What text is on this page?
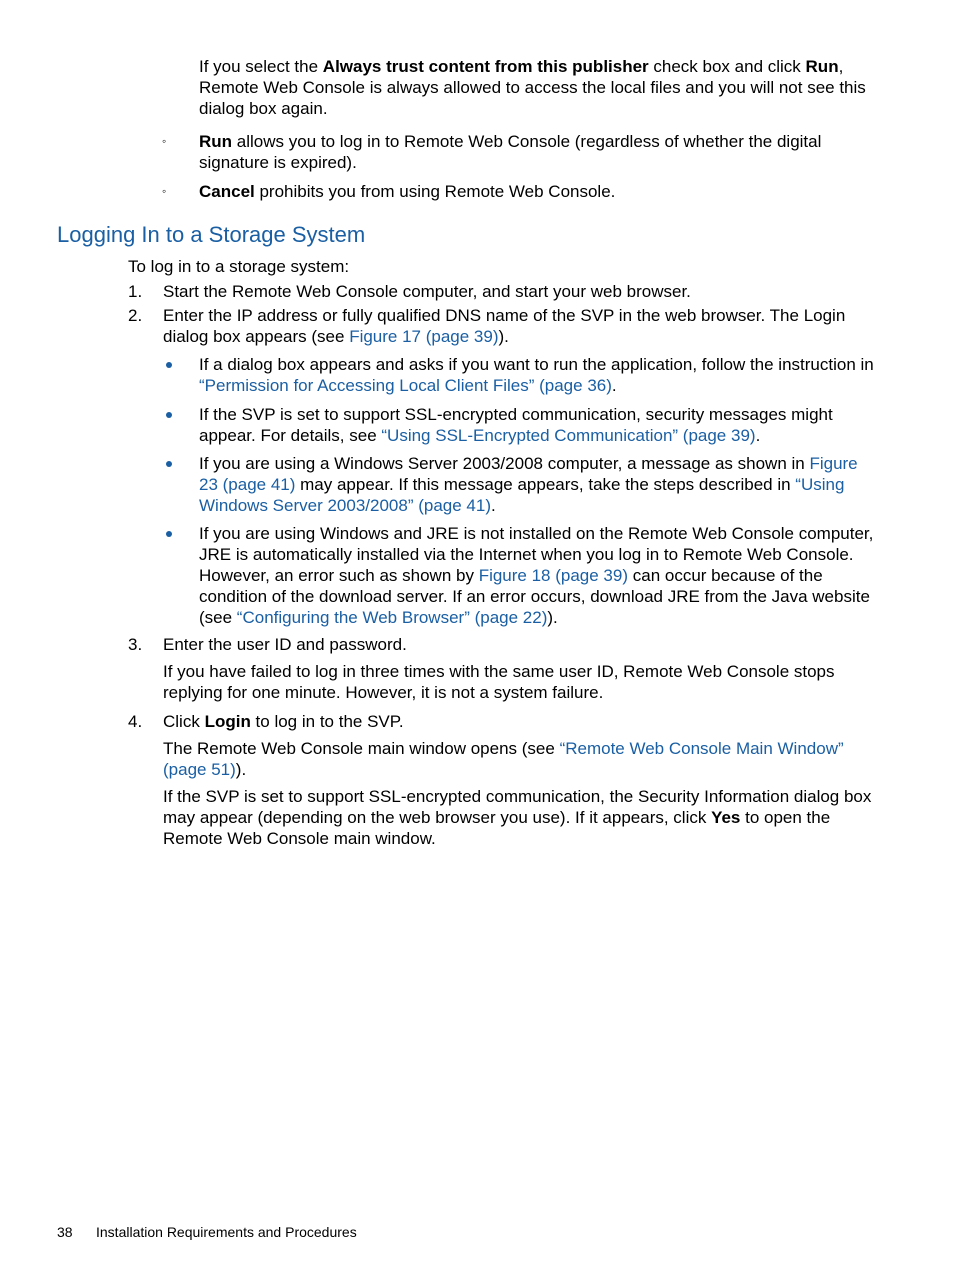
If you select the Always trust content from this publisher check box and click Run, Remote Web Console is always allowed to access the local files and you will not see this dialog box again.

◦ Run allows you to log in to Remote Web Console (regardless of whether the digital signature is expired).

◦ Cancel prohibits you from using Remote Web Console.

Logging In to a Storage System

To log in to a storage system:

1. Start the Remote Web Console computer, and start your web browser.

2. Enter the IP address or fully qualified DNS name of the SVP in the web browser. The Login dialog box appears (see Figure 17 (page 39)).

If a dialog box appears and asks if you want to run the application, follow the instruction in “Permission for Accessing Local Client Files” (page 36).

If the SVP is set to support SSL-encrypted communication, security messages might appear. For details, see “Using SSL-Encrypted Communication” (page 39).

If you are using a Windows Server 2003/2008 computer, a message as shown in Figure 23 (page 41) may appear. If this message appears, take the steps described in “Using Windows Server 2003/2008” (page 41).

If you are using Windows and JRE is not installed on the Remote Web Console computer, JRE is automatically installed via the Internet when you log in to Remote Web Console. However, an error such as shown by Figure 18 (page 39) can occur because of the condition of the download server. If an error occurs, download JRE from the Java website (see “Configuring the Web Browser” (page 22)).

3. Enter the user ID and password.

If you have failed to log in three times with the same user ID, Remote Web Console stops replying for one minute. However, it is not a system failure.

4. Click Login to log in to the SVP.

The Remote Web Console main window opens (see “Remote Web Console Main Window” (page 51)).

If the SVP is set to support SSL-encrypted communication, the Security Information dialog box may appear (depending on the web browser you use). If it appears, click Yes to open the Remote Web Console main window.

38 Installation Requirements and Procedures
